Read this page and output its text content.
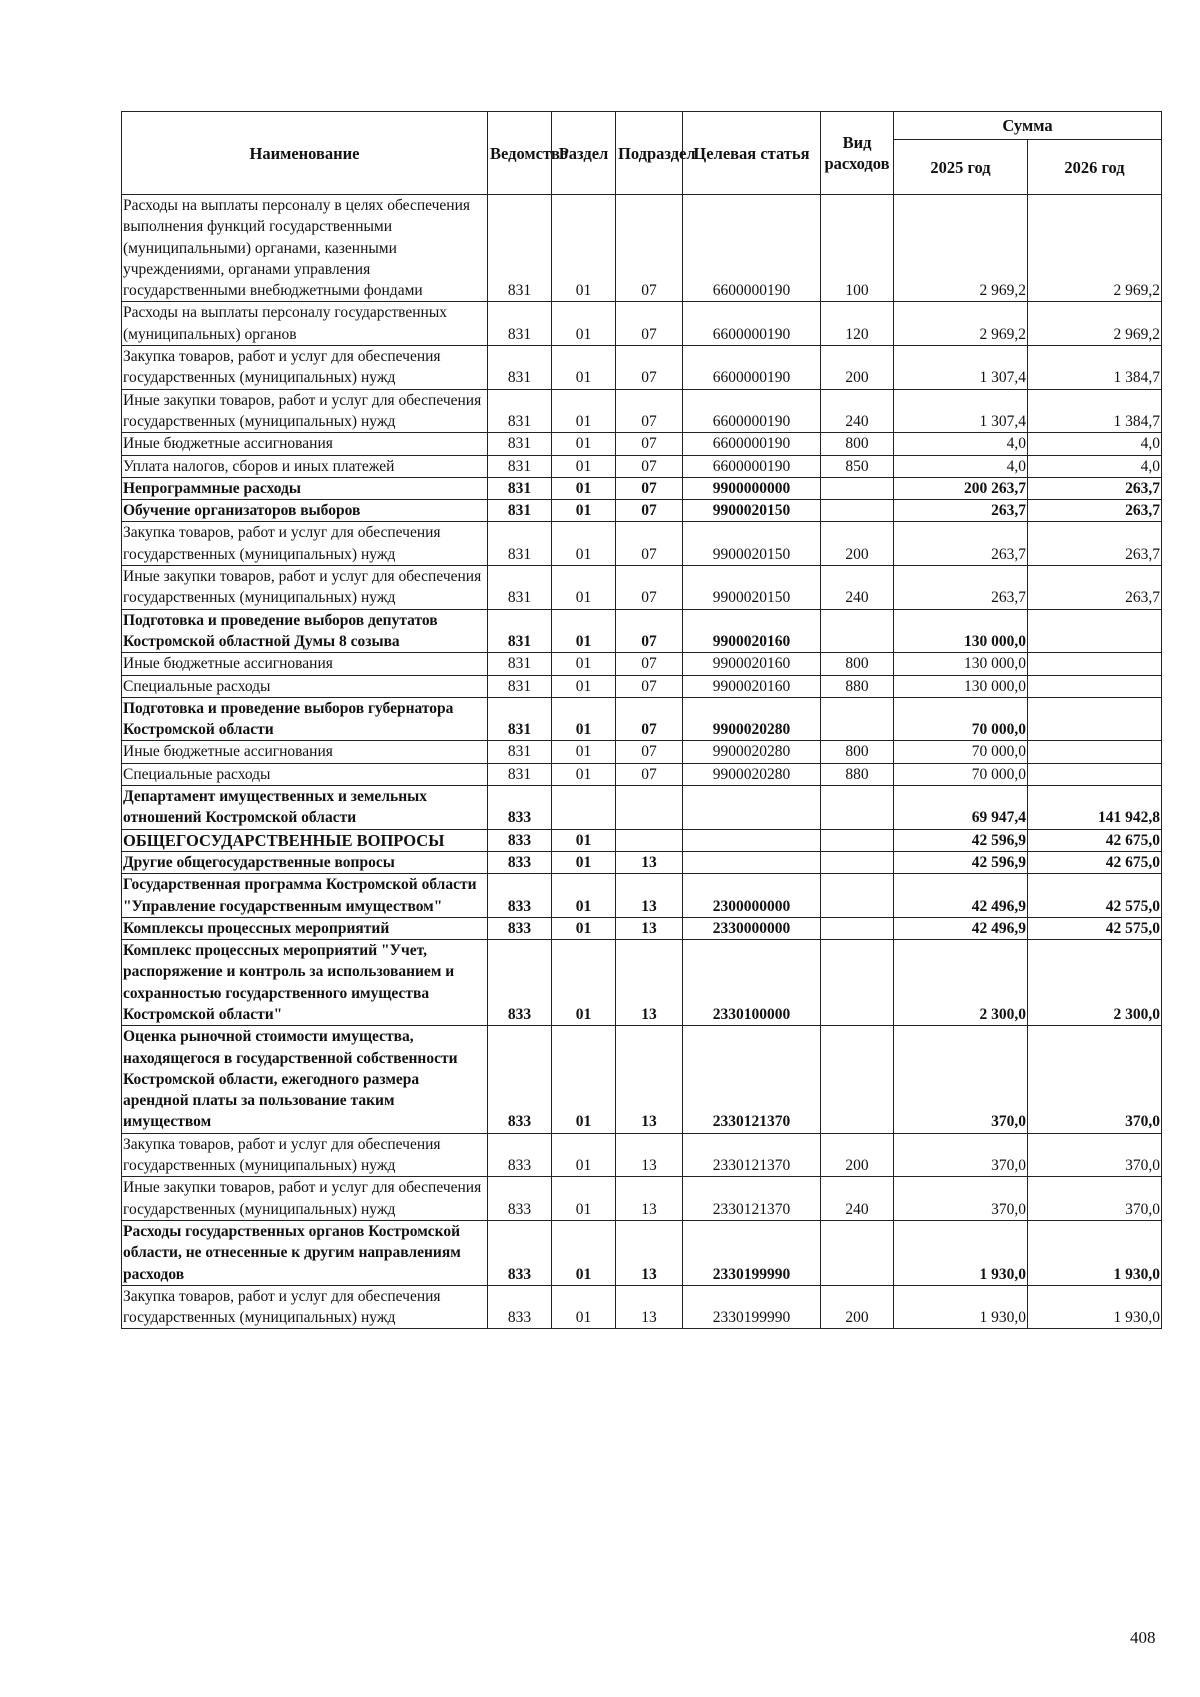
Наименование	Ведомство	Раздел	Подраздел	Целевая статья	Вид расходов	Сумма	
						2025 год	2026 год
Расходы на выплаты персоналу в целях обеспечения выполнения функций государственными (муниципальными) органами, казенными учреждениями, органами управления государственными внебюджетными фондами	831	01	07	6600000190	100	2 969,2	2 969,2
Расходы на выплаты персоналу государственных (муниципальных) органов	831	01	07	6600000190	120	2 969,2	2 969,2
Закупка товаров, работ и услуг для обеспечения государственных (муниципальных) нужд	831	01	07	6600000190	200	1 307,4	1 384,7
Иные закупки товаров, работ и услуг для обеспечения государственных (муниципальных) нужд	831	01	07	6600000190	240	1 307,4	1 384,7
Иные бюджетные ассигнования	831	01	07	6600000190	800	4,0	4,0
Уплата налогов, сборов и иных платежей	831	01	07	6600000190	850	4,0	4,0
Непрограммные расходы	831	01	07	9900000000		200 263,7	263,7
Обучение организаторов выборов	831	01	07	9900020150		263,7	263,7
Закупка товаров, работ и услуг для обеспечения государственных (муниципальных) нужд	831	01	07	9900020150	200	263,7	263,7
Иные закупки товаров, работ и услуг для обеспечения государственных (муниципальных) нужд	831	01	07	9900020150	240	263,7	263,7
Подготовка и проведение выборов депутатов Костромской областной Думы 8 созыва	831	01	07	9900020160		130 000,0	
Иные бюджетные ассигнования	831	01	07	9900020160	800	130 000,0	
Специальные расходы	831	01	07	9900020160	880	130 000,0	
Подготовка и проведение выборов губернатора Костромской области	831	01	07	9900020280		70 000,0	
Иные бюджетные ассигнования	831	01	07	9900020280	800	70 000,0	
Специальные расходы	831	01	07	9900020280	880	70 000,0	
Департамент имущественных и земельных отношений Костромской области	833					69 947,4	141 942,8
ОБЩЕГОСУДАРСТВЕННЫЕ ВОПРОСЫ	833	01				42 596,9	42 675,0
Другие общегосударственные вопросы	833	01	13			42 596,9	42 675,0
Государственная программа Костромской области "Управление государственным имуществом"	833	01	13	2300000000		42 496,9	42 575,0
Комплексы процессных мероприятий	833	01	13	2330000000		42 496,9	42 575,0
Комплекс процессных мероприятий "Учет, распоряжение и контроль за использованием и сохранностью государственного имущества Костромской области"	833	01	13	2330100000		2 300,0	2 300,0
Оценка рыночной стоимости имущества, находящегося в государственной собственности Костромской области, ежегодного размера арендной платы за пользование таким имуществом	833	01	13	2330121370		370,0	370,0
Закупка товаров, работ и услуг для обеспечения государственных (муниципальных) нужд	833	01	13	2330121370	200	370,0	370,0
Иные закупки товаров, работ и услуг для обеспечения государственных (муниципальных) нужд	833	01	13	2330121370	240	370,0	370,0
Расходы государственных органов Костромской области, не отнесенные к другим направлениям расходов	833	01	13	2330199990		1 930,0	1 930,0
Закупка товаров, работ и услуг для обеспечения государственных (муниципальных) нужд	833	01	13	2330199990	200	1 930,0	1 930,0
408
